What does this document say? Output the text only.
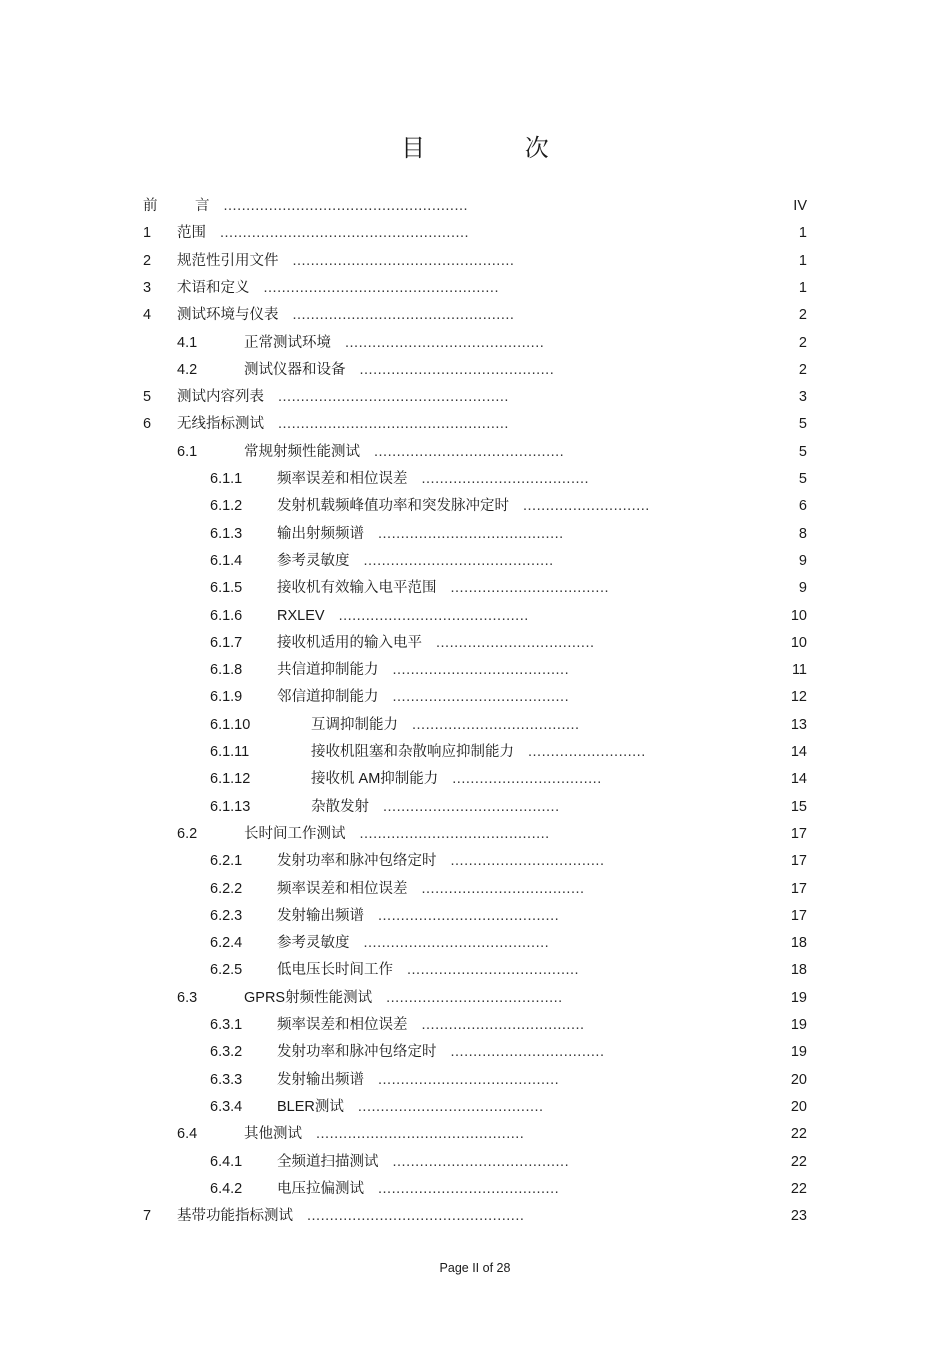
目 次
前	言 ......................................................	IV
1 范围 .......................................................	1
2 规范性引用文件 .................................................	1
3 术语和定义 ....................................................	1
4 测试环境与仪表 .................................................	2
4.1	正常测试环境 ............................................	2
4.2	测试仪器和设备 ...........................................	2
5 测试内容列表 ...................................................	3
6 无线指标测试 ...................................................	5
6.1	常规射频性能测试 ..........................................	5
6.1.1 频率误差和相位误差 .....................................	5
6.1.2 发射机载频峰值功率和突发脉冲定时 ............................	6
6.1.3 输出射频频谱 .........................................	8
6.1.4 参考灵敏度 ..........................................	9
6.1.5 接收机有效输入电平范围 ...................................	9
6.1.6 RXLEV ..........................................	10
6.1.7 接收机适用的输入电平 ...................................	10
6.1.8 共信道抑制能力 .......................................	11
6.1.9 邻信道抑制能力 .......................................	12
6.1.10	互调抑制能力 .....................................	13
6.1.11	接收机阻塞和杂散响应抑制能力 ..........................	14
6.1.12	接收机 AM抑制能力 .................................	14
6.1.13	杂散发射 .......................................	15
6.2	长时间工作测试 ..........................................	17
6.2.1 发射功率和脉冲包络定时 ..................................	17
6.2.2 频率误差和相位误差 ....................................	17
6.2.3 发射输出频谱 ........................................	17
6.2.4 参考灵敏度 .........................................	18
6.2.5 低电压长时间工作 ......................................	18
6.3	GPRS射频性能测试 .......................................	19
6.3.1 频率误差和相位误差 ....................................	19
6.3.2 发射功率和脉冲包络定时 ..................................	19
6.3.3 发射输出频谱 ........................................	20
6.3.4 BLER测试 .........................................	20
6.4	其他测试 ..............................................	22
6.4.1 全频道扫描测试 .......................................	22
6.4.2 电压拉偏测试 ........................................	22
7 基带功能指标测试 ................................................	23
Page II of 28
